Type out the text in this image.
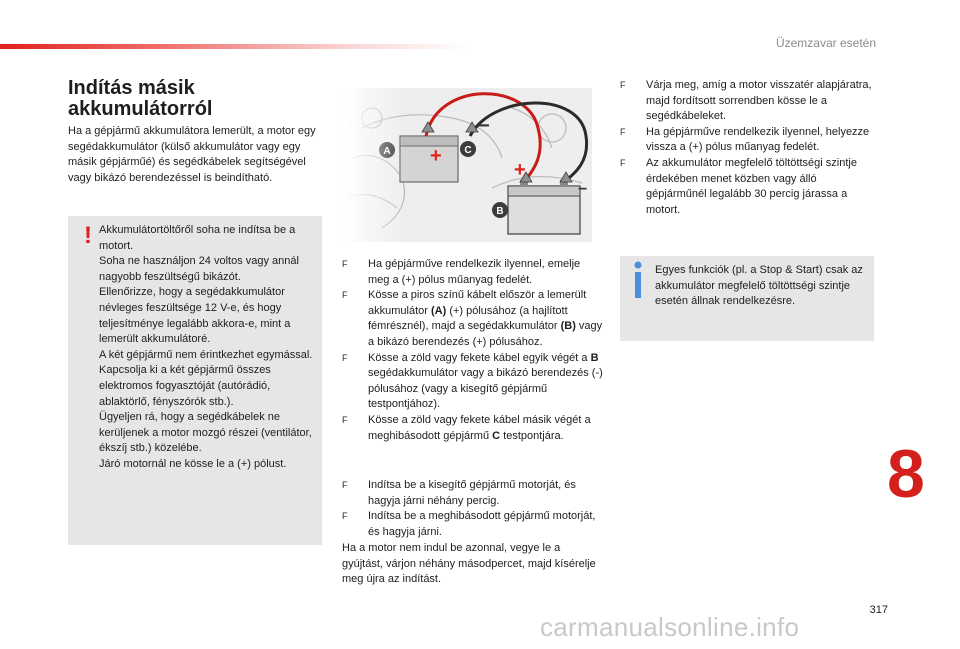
Üzemzavar esetén
Indítás másik
akkumulátorról

Ha a gépjármű akkumulátora lemerült, a motor egy segédakkumulátor (külső akkumulátor vagy egy másik gépjárműé) és segédkábelek segítségével vagy bikázó berendezéssel is beindítható.

! Akkumulátortöltőről soha ne indítsa be a motort.
Soha ne használjon 24 voltos vagy annál nagyobb feszültségű bikázót.
Ellenőrizze, hogy a segédakkumulátor névleges feszültsége 12 V-e, és hogy teljesítménye legalább akkora-e, mint a lemerült akkumulátoré.
A két gépjármű nem érintkezhet egymással.
Kapcsolja ki a két gépjármű összes elektromos fogyasztóját (autórádió, ablaktörlő, fényszórók stb.).
Ügyeljen rá, hogy a segédkábelek ne kerüljenek a motor mozgó részei (ventilátor, ékszíj stb.) közelébe.
Járó motornál ne kösse le a (+) pólust.

F Ha gépjárműve rendelkezik ilyennel, emelje meg a (+) pólus műanyag fedelét.
F Kösse a piros színű kábelt először a lemerült akkumulátor (A) (+) pólusához (a hajlított fémrésznél), majd a segédakkumulátor (B) vagy a bikázó berendezés (+) pólusához.
F Kösse a zöld vagy fekete kábel egyik végét a B segédakkumulátor vagy a bikázó berendezés (-) pólusához (vagy a kisegítő gépjármű testpontjához).
F Kösse a zöld vagy fekete kábel másik végét a meghibásodott gépjármű C testpontjára.
F Indítsa be a kisegítő gépjármű motorját, és hagyja járni néhány percig.
F Indítsa be a meghibásodott gépjármű motorját, és hagyja járni.

Ha a motor nem indul be azonnal, vegye le a gyújtást, várjon néhány másodpercet, majd kísérelje meg újra az indítást.

F Várja meg, amíg a motor visszatér alapjáratra, majd fordítsott sorrendben kösse le a segédkábeleket.
F Ha gépjárműve rendelkezik ilyennel, helyezze vissza a (+) pólus műanyag fedelét.
F Az akkumulátor megfelelő töltöttségi szintje érdekében menet közben vagy álló gépjárműnél legalább 30 percig járassa a motort.

Egyes funkciók (pl. a Stop & Start) csak az akkumulátor megfelelő töltöttségi szintje esetén állnak rendelkezésre.

8
317
carmanualsonline.info
